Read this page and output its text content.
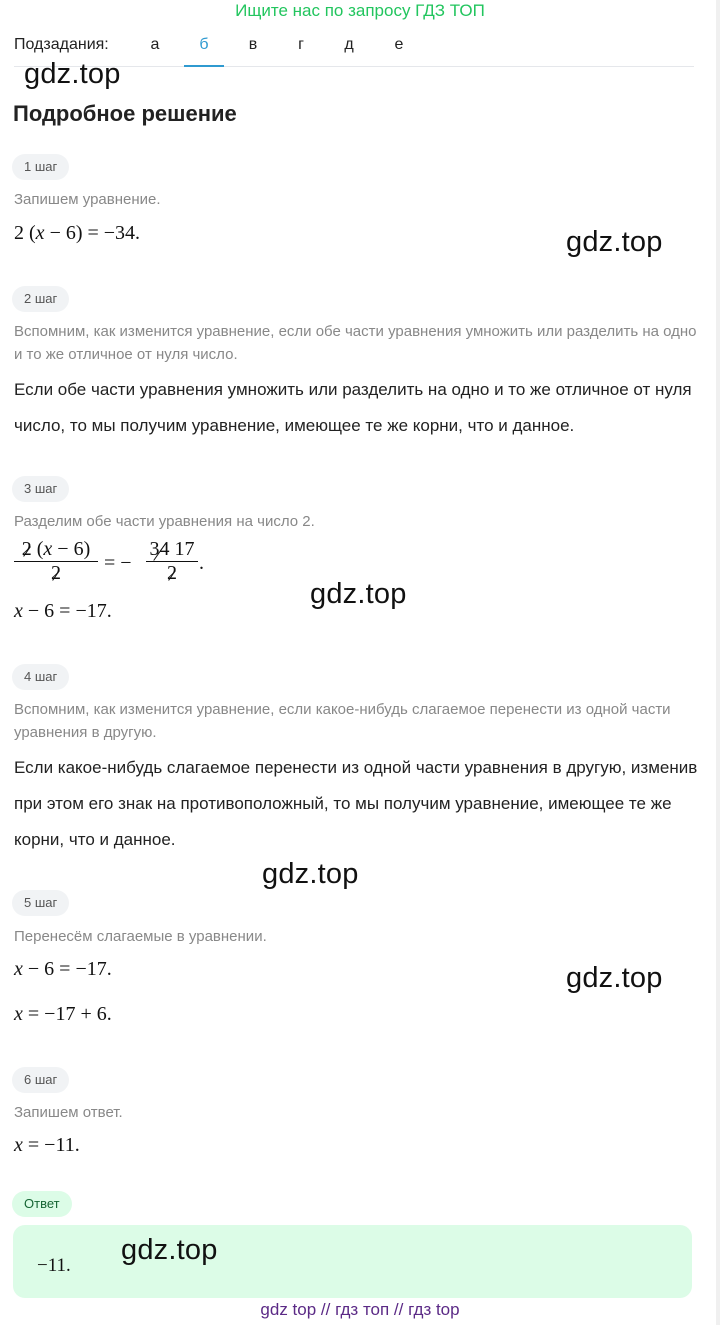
Ищите нас по запросу ГДЗ ТОП
Подзадания:	а	б	в	г	д	е
gdz.top
Подробное решение
1 шаг
Запишем уравнение.
2 (x − 6) = −34.	gdz.top
2 шаг
Вспомним, как изменится уравнение, если обе части уравнения умножить или разделить на одно и то же отличное от нуля число.
Если обе части уравнения умножить или разделить на одно и то же отличное от нуля число, то мы получим уравнение, имеющее те же корни, что и данное.
3 шаг
Разделим обе части уравнения на число 2.
2 (x − 6)
2	= −
34 17
2	.
x − 6 = −17.
gdz.top
4 шаг
Вспомним, как изменится уравнение, если какое-нибудь слагаемое перенести из одной части уравнения в другую.
Если какое-нибудь слагаемое перенести из одной части уравнения в другую, изменив при этом его знак на противоположный, то мы получим уравнение, имеющее те же корни, что и данное.
gdz.top
5 шаг
Перенесём слагаемые в уравнении.
x − 6 = −17.
x = −17 + 6.
gdz.top
6 шаг
Запишем ответ.
x = −11.
Ответ
−11. gdz.top
gdz top // гдз топ // гдз top
